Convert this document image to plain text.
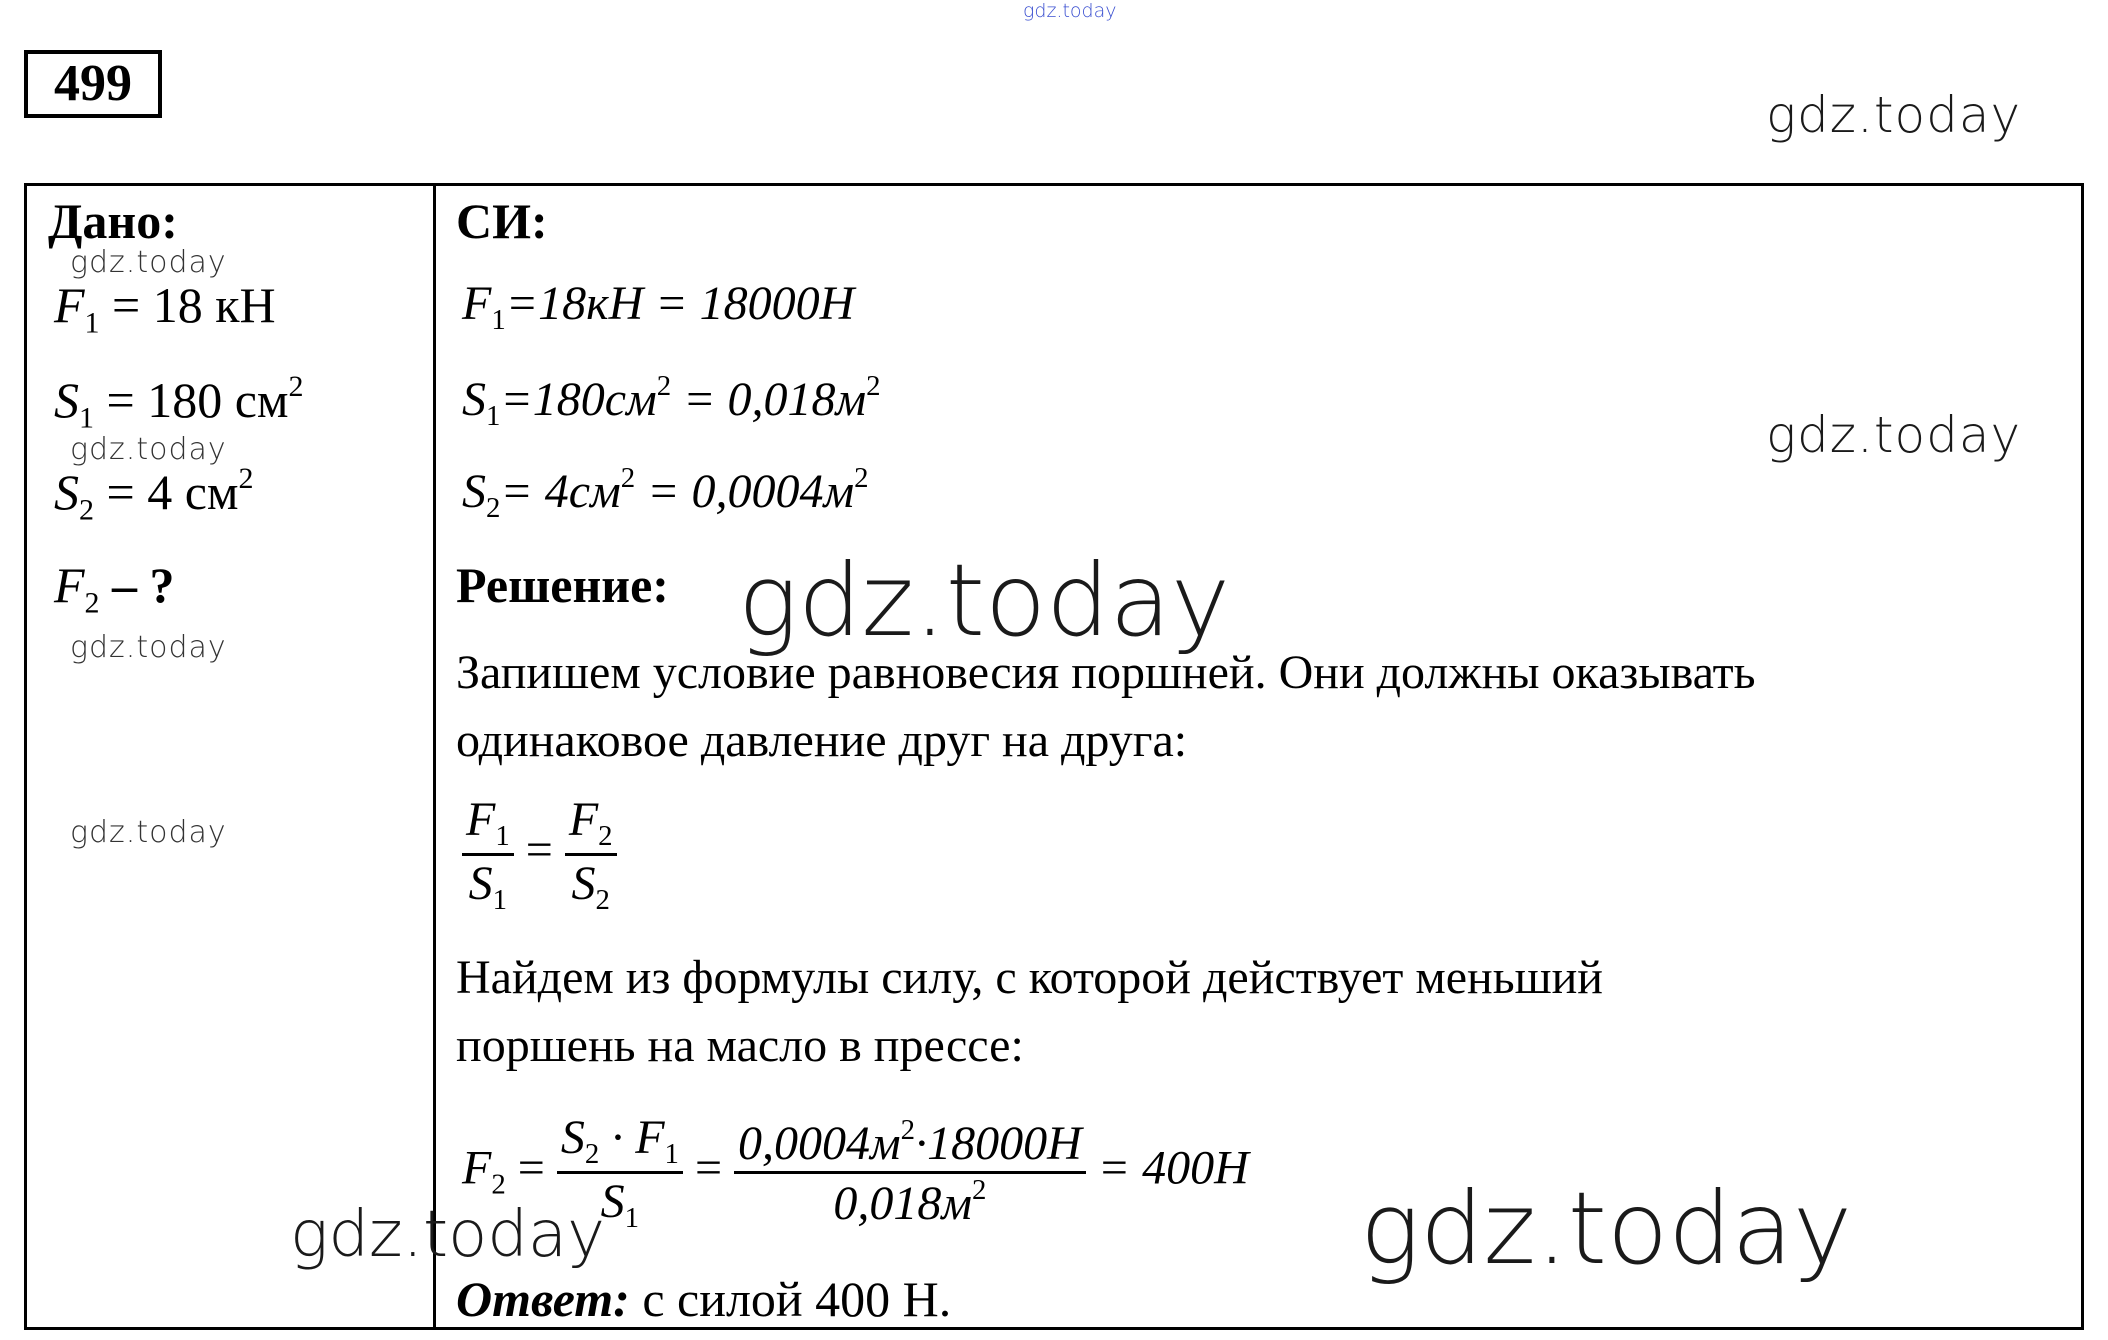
gdz.today
499
gdz.today
Дано:
gdz.today
$F_1 = 18$ кН
$S_1 = 180$ $см^2$
gdz.today
$S_2 = 4$ $см^2$
$F_2$ – ?
gdz.today
gdz.today
СИ:
$F_1=18кН = 18000Н$
$S_1=180см^2 = 0,018м^2$
gdz.today
$S_2= 4см^2 = 0,0004м^2$
Решение: gdz.today
Запишем условие равновесия поршней. Они должны оказывать
одинаковое давление друг на друга:
$\frac{F_1}{S_1} = \frac{F_2}{S_2}$
Найдем из формулы силу, с которой действует меньший
поршень на масло в прессе:
$F_2 = \frac{S_2 \cdot F_1}{S_1} = \frac{0,0004м^2\cdot 18000Н}{0,018м^2} = 400Н$
gdz.today	gdz.today
Ответ: с силой 400 Н.
